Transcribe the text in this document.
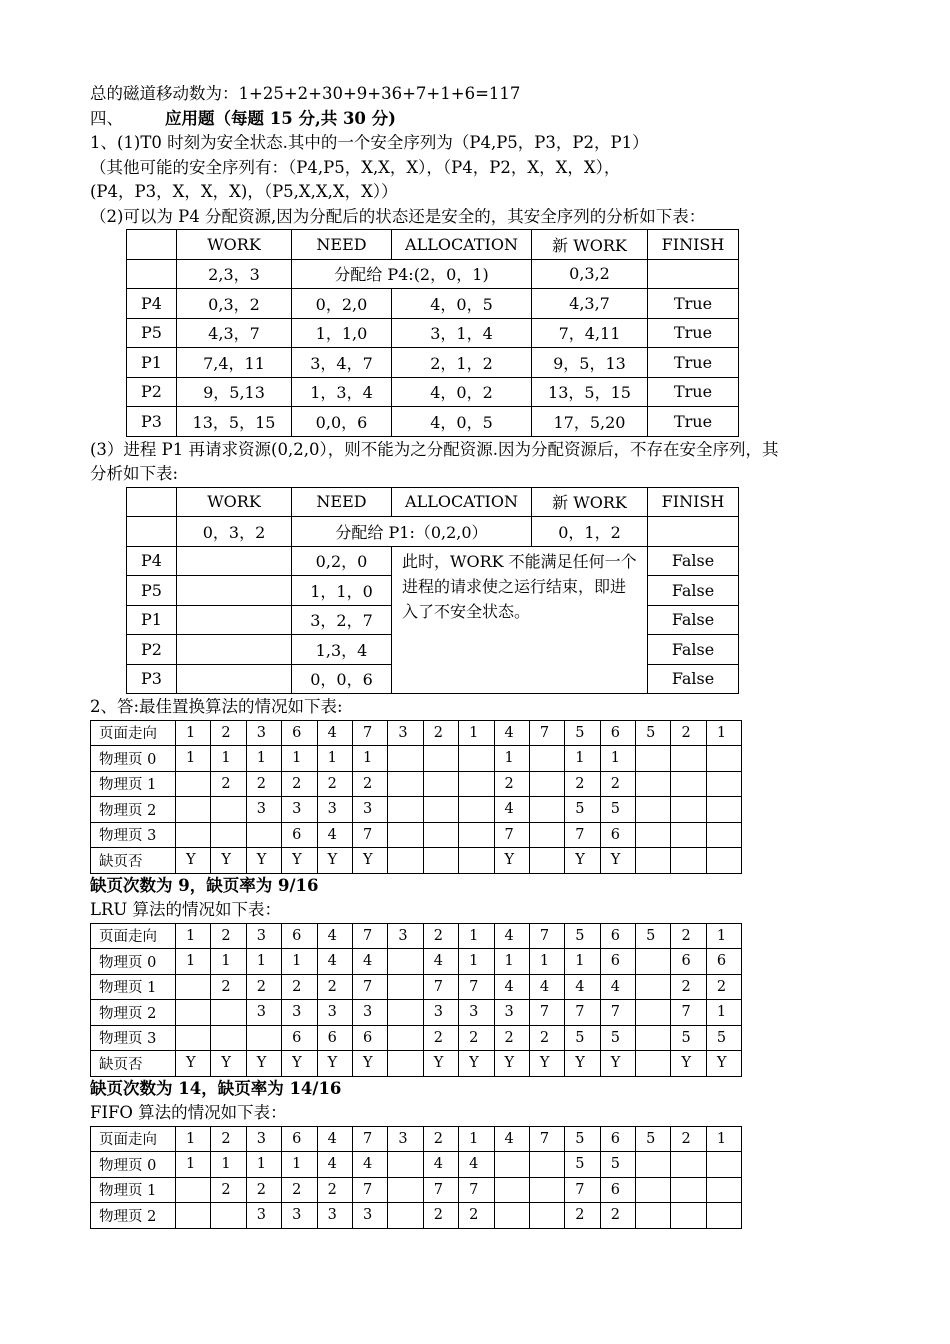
总的磁道移动数为：1+25+2+30+9+36+7+1+6=117
四、	应用题（每题 15 分,共 30 分)
1、(1)T0 时刻为安全状态.其中的一个安全序列为（P4,P5，P3，P2，P1）
（其他可能的安全序列有：（P4,P5，X,X，X），（P4，P2，X，X，X），
(P4，P3，X，X，X)，（P5,X,X,X，X））
（2)可以为 P4 分配资源,因为分配后的状态还是安全的，其安全序列的分析如下表：
	WORK	NEED	ALLOCATION	新 WORK	FINISH
	2,3，3	分配给 P4:(2，0，1)		0,3,2	
P4	0,3，2	0，2,0	4，0，5	4,3,7	True
P5	4,3，7	1，1,0	3，1，4	7，4,11	True
P1	7,4，11	3，4，7	2，1，2	9，5，13	True
P2	9，5,13	1，3，4	4，0，2	13，5，15	True
P3	13，5，15	0,0，6	4，0，5	17，5,20	True
(3）进程 P1 再请求资源(0,2,0），则不能为之分配资源.因为分配资源后，不存在安全序列，其
分析如下表:
	WORK	NEED	ALLOCATION	新 WORK	FINISH
	0，3，2	分配给 P1:（0,2,0）		0，1，2	
P4		0,2，0	此时，WORK 不能满足任何一个进程的请求使之运行结束，即进入了不安全状态。		False
P5		1，1，0			False
P1		3，2，7			False
P2		1,3，4			False
P3		0，0，6			False
2、答:最佳置换算法的情况如下表:
页面走向	1	2	3	6	4	7	3	2	1	4	7	5	6	5	2	1
物理页 0	1	1	1	1	1	1				1		1	1			
物理页 1		2	2	2	2	2				2		2	2			
物理页 2			3	3	3	3				4		5	5			
物理页 3				6	4	7				7		7	6			
缺页否	Y	Y	Y	Y	Y	Y				Y		Y	Y			
缺页次数为 9，缺页率为 9/16
LRU 算法的情况如下表：
页面走向	1	2	3	6	4	7	3	2	1	4	7	5	6	5	2	1
物理页 0	1	1	1	1	4	4		4	1	1	1	1	6		6	6
物理页 1		2	2	2	2	7		7	7	4	4	4	4		2	2
物理页 2			3	3	3	3		3	3	3	7	7	7		7	1
物理页 3				6	6	6		2	2	2	2	5	5		5	5
缺页否	Y	Y	Y	Y	Y	Y		Y	Y	Y	Y	Y	Y		Y	Y
缺页次数为 14，缺页率为 14/16
FIFO 算法的情况如下表：
页面走向	1	2	3	6	4	7	3	2	1	4	7	5	6	5	2	1
物理页 0	1	1	1	1	4	4		4	4			5	5			
物理页 1		2	2	2	2	7		7	7			7	6			
物理页 2			3	3	3	3		2	2			2	2			
